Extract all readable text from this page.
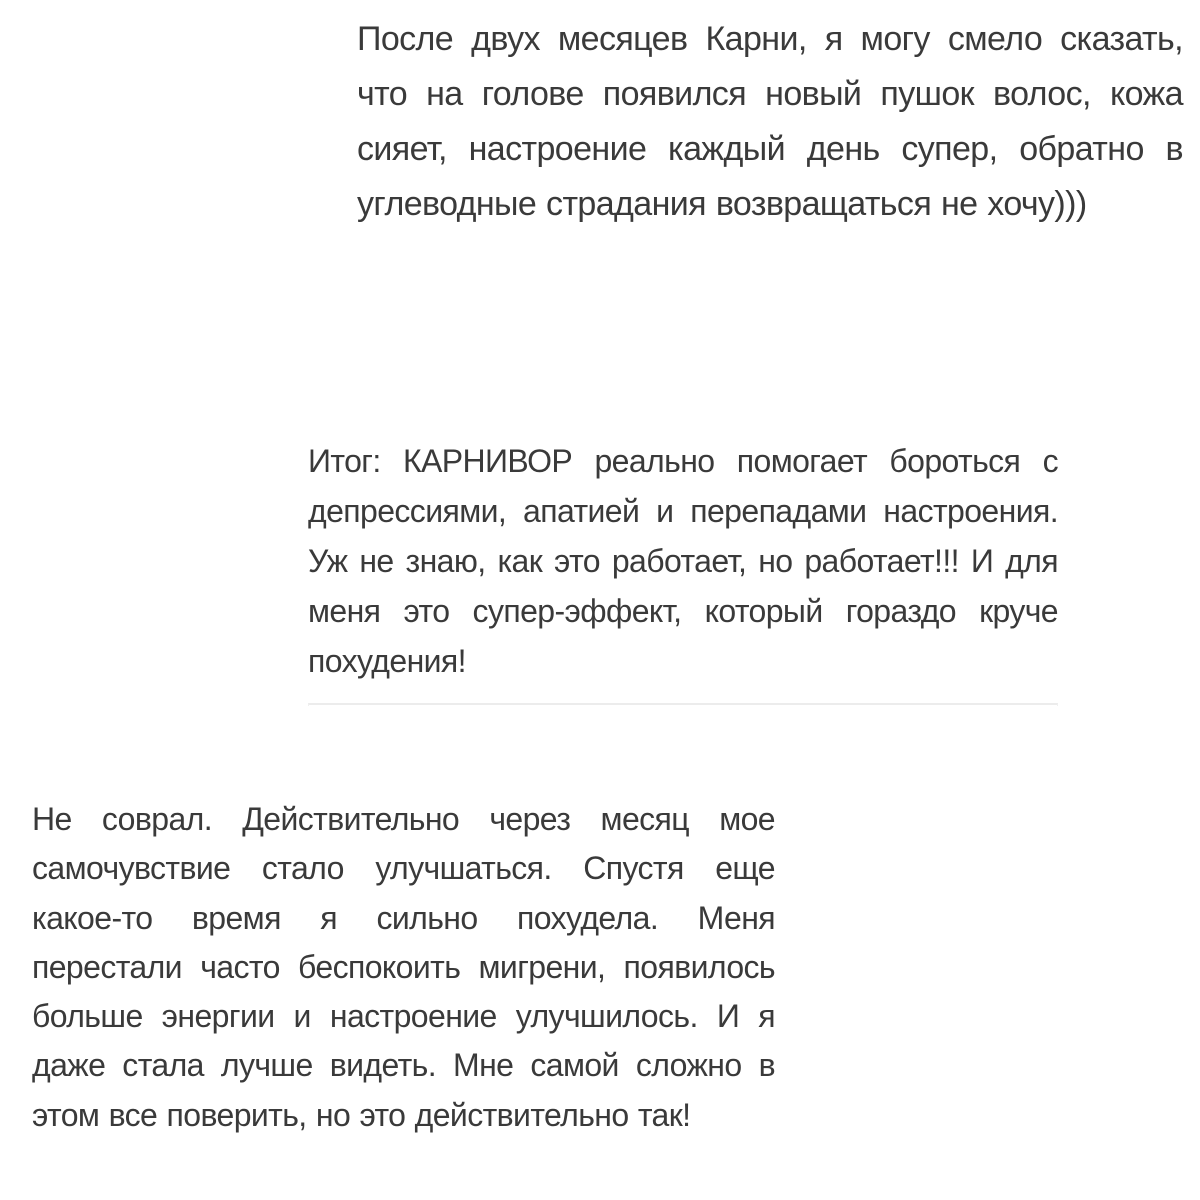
После двух месяцев Карни, я могу смело сказать, что на голове появился новый пушок волос, кожа сияет, настроение каждый день супер, обратно в углеводные страдания возвращаться не хочу)))

Итог: КАРНИВОР реально помогает бороться с депрессиями, апатией и перепадами настроения. Уж не знаю, как это работает, но работает!!! И для меня это супер-эффект, который гораздо круче похудения!

Не соврал. Действительно через месяц мое самочувствие стало улучшаться. Спустя еще какое-то время я сильно похудела. Меня перестали часто беспокоить мигрени, появилось больше энергии и настроение улучшилось. И я даже стала лучше видеть. Мне самой сложно в этом все поверить, но это действительно так!
